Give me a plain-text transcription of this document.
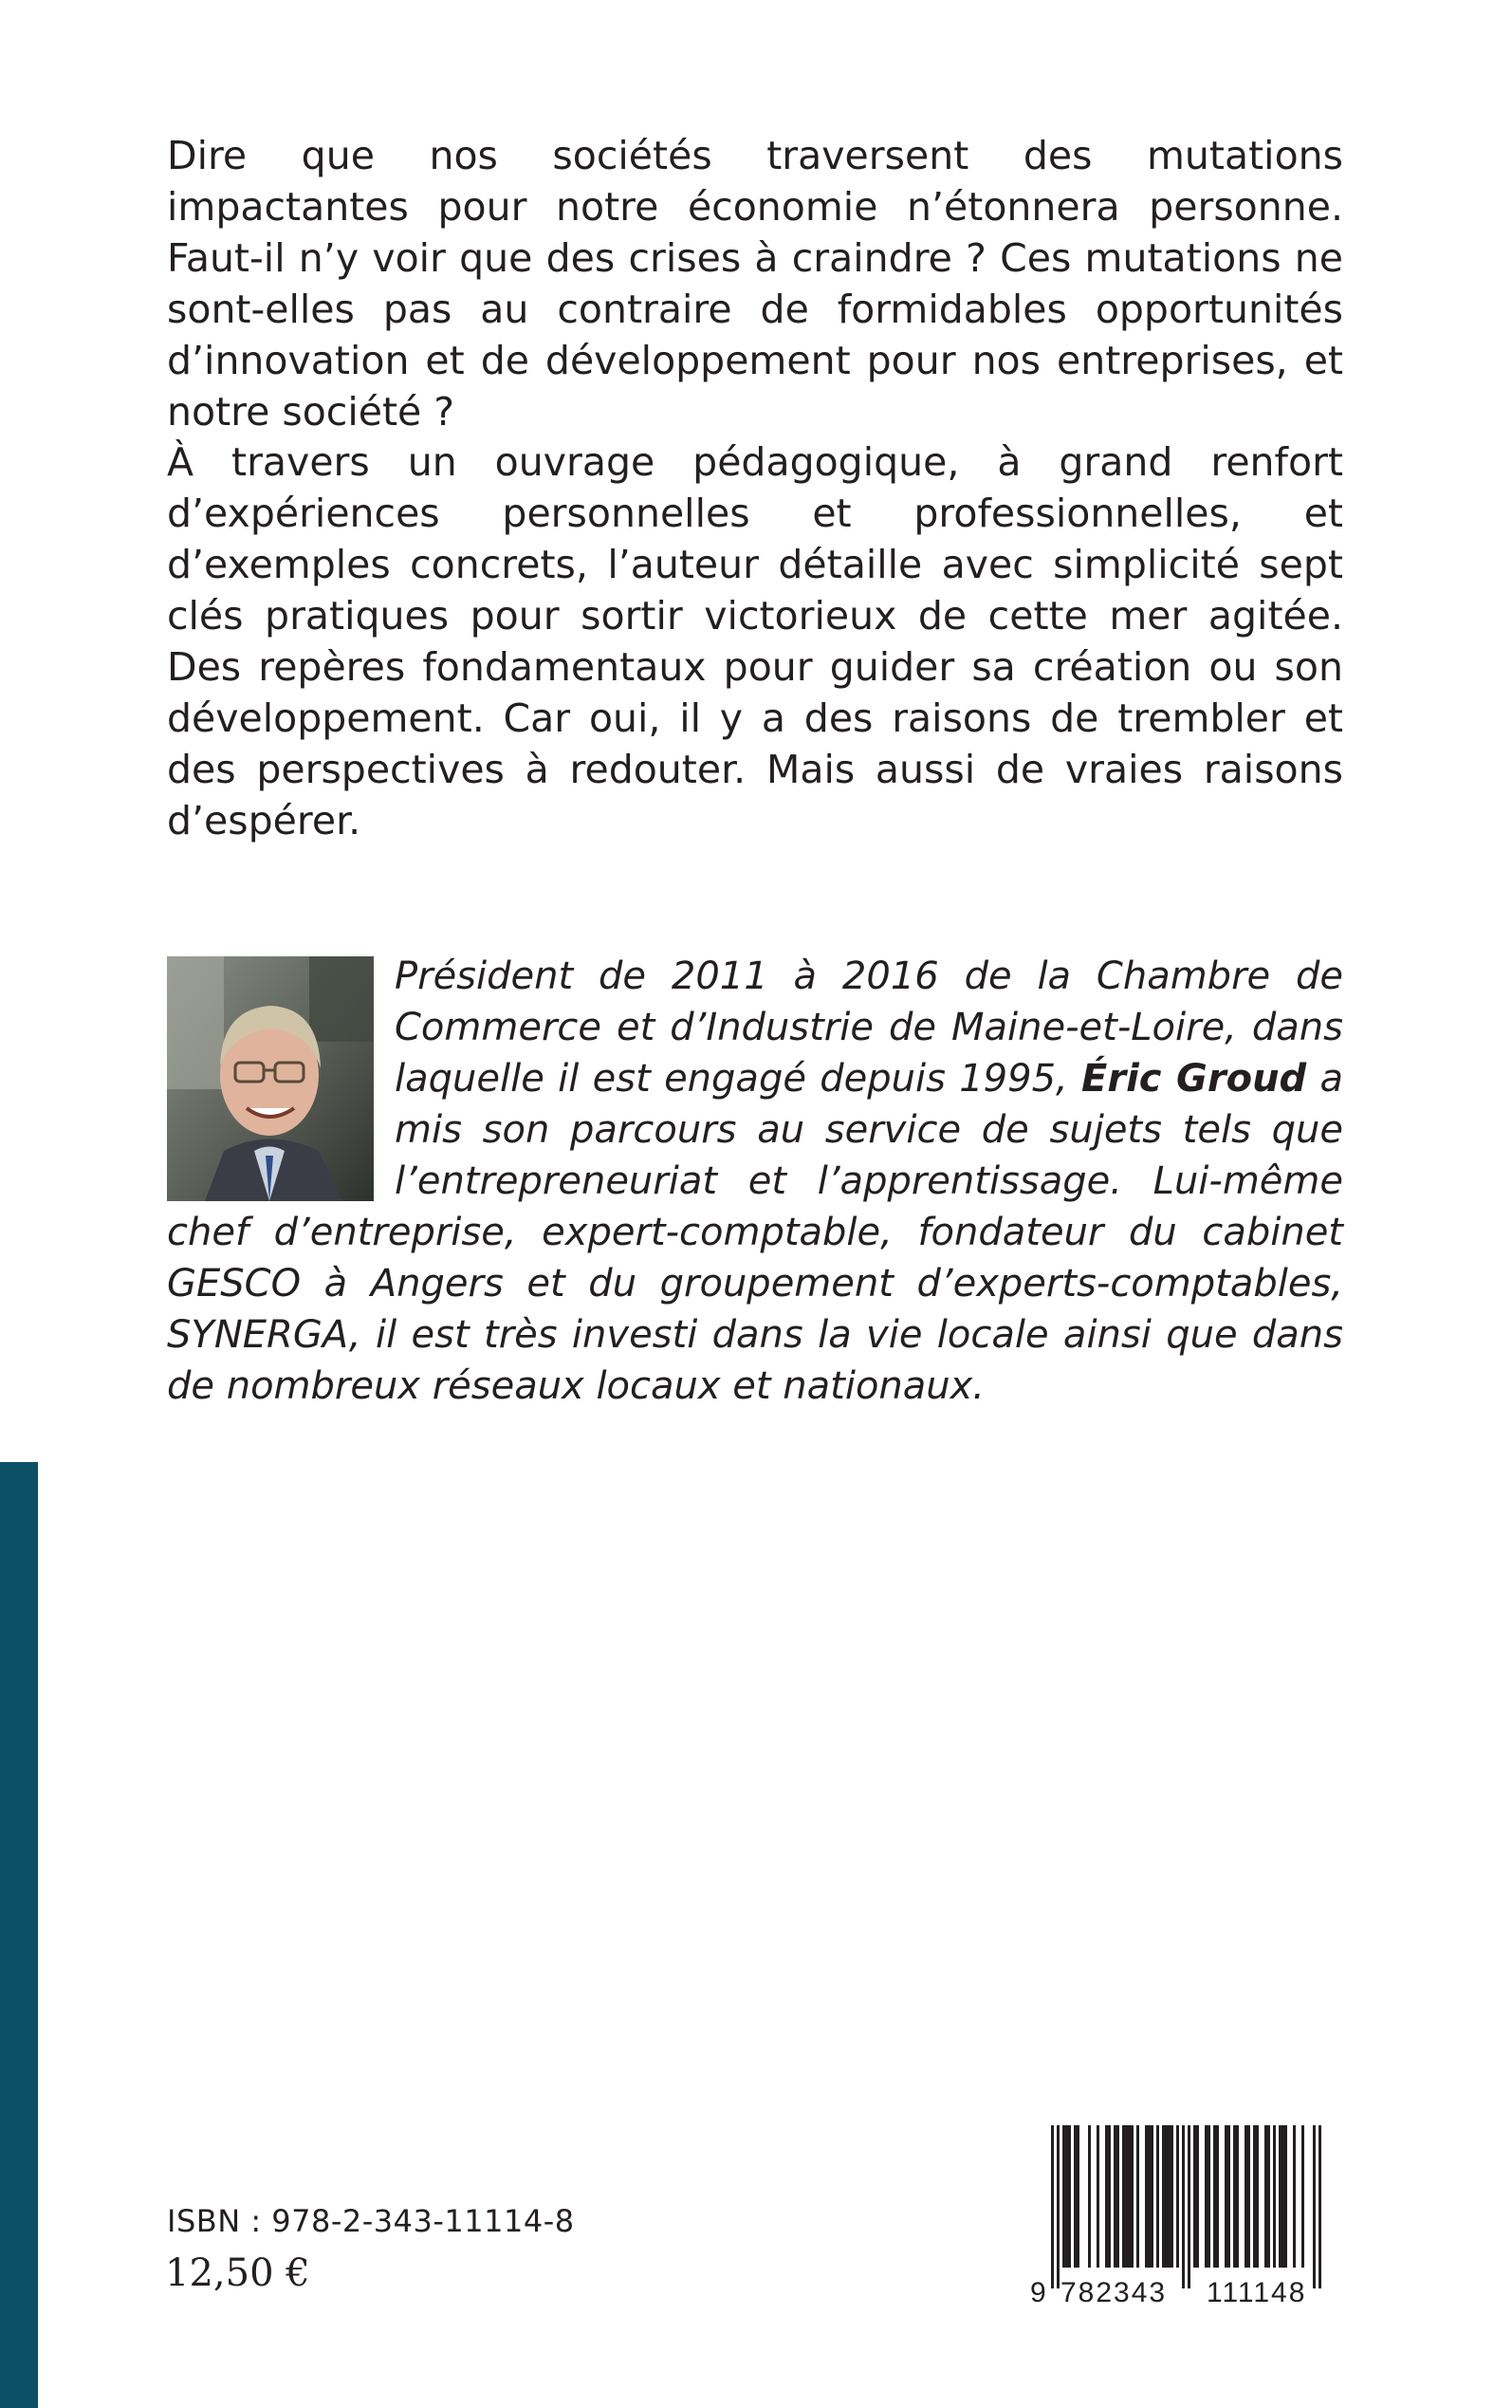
Dire que nos sociétés traversent des mutations impactantes pour notre économie n’étonnera personne. Faut-il n’y voir que des crises à craindre ? Ces mutations ne sont-elles pas au contraire de formidables opportunités d’innovation et de développement pour nos entreprises, et notre société ?

À travers un ouvrage pédagogique, à grand renfort d’expériences personnelles et professionnelles, et d’exemples concrets, l’auteur détaille avec simplicité sept clés pratiques pour sortir victorieux de cette mer agitée. Des repères fondamentaux pour guider sa création ou son développement. Car oui, il y a des raisons de trembler et des perspectives à redouter. Mais aussi de vraies raisons d’espérer.

Président de 2011 à 2016 de la Chambre de Commerce et d’Industrie de Maine-et-Loire, dans laquelle il est engagé depuis 1995, Éric Groud a mis son parcours au service de sujets tels que l’entrepreneuriat et l’apprentissage. Lui-même chef d’entreprise, expert-comptable, fondateur du cabinet GESCO à Angers et du groupement d’experts-comptables, SYNERGA, il est très investi dans la vie locale ainsi que dans de nombreux réseaux locaux et nationaux.

ISBN : 978-2-343-11114-8
12,50 €	9 782343 111148
